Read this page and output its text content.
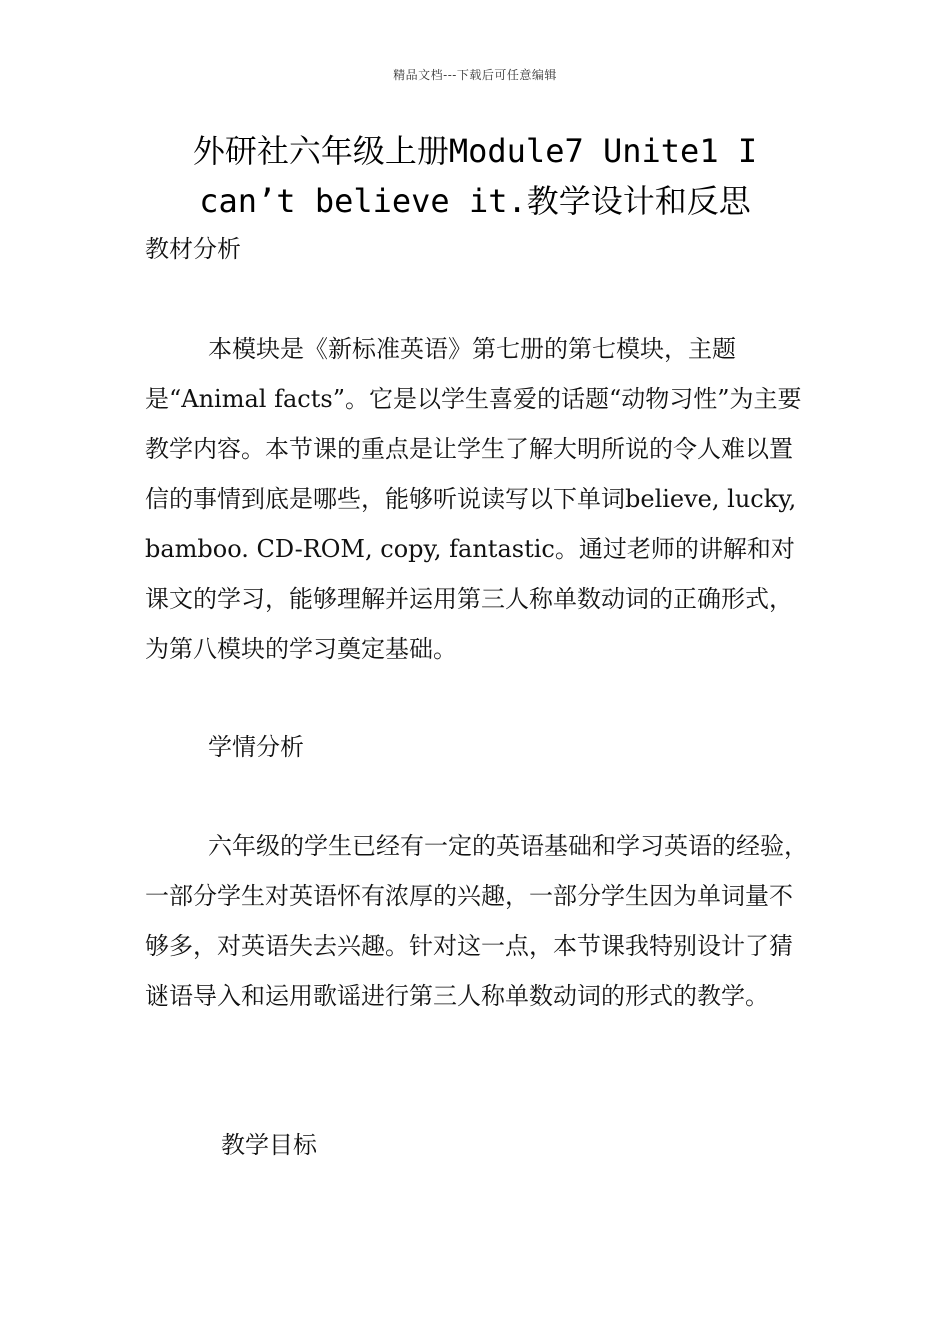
精品文档---下载后可任意编辑
外研社六年级上册Module7 Unite1 I can’t believe it.教学设计和反思
教材分析

本模块是《新标准英语》第七册的第七模块，主题是“Animal facts”。它是以学生喜爱的话题“动物习性”为主要教学内容。本节课的重点是让学生了解大明所说的令人难以置信的事情到底是哪些，能够听说读写以下单词believe, lucky, bamboo. CD-ROM, copy, fantastic。通过老师的讲解和对课文的学习，能够理解并运用第三人称单数动词的正确形式，为第八模块的学习奠定基础。

学情分析

六年级的学生已经有一定的英语基础和学习英语的经验，一部分学生对英语怀有浓厚的兴趣，一部分学生因为单词量不够多，对英语失去兴趣。针对这一点，本节课我特别设计了猜谜语导入和运用歌谣进行第三人称单数动词的形式的教学。

教学目标
